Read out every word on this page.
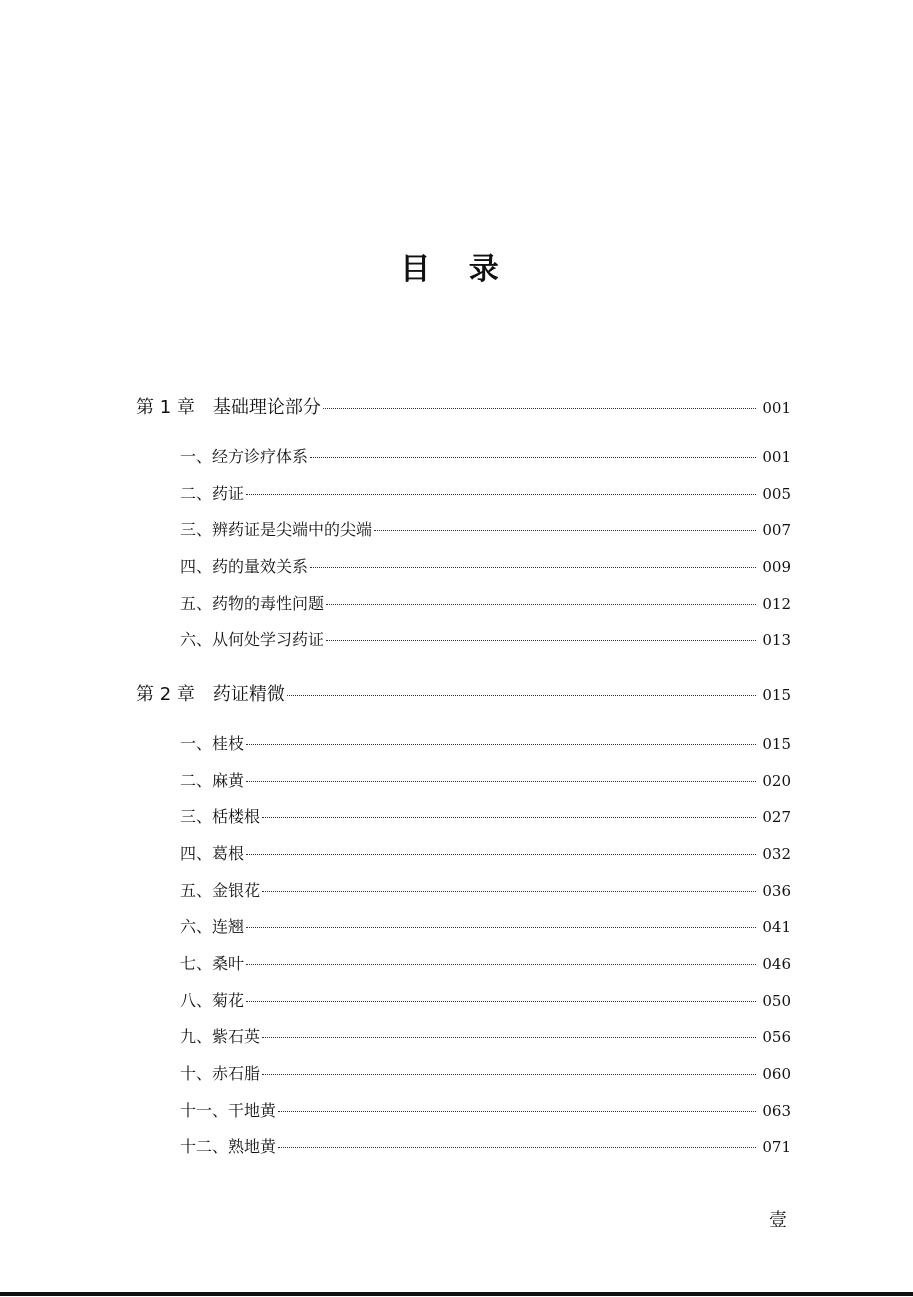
目 录
第 1 章 基础理论部分	001
一、经方诊疗体系	001
二、药证	005
三、辨药证是尖端中的尖端	007
四、药的量效关系	009
五、药物的毒性问题	012
六、从何处学习药证	013
第 2 章 药证精微	015
一、桂枝	015
二、麻黄	020
三、栝楼根	027
四、葛根	032
五、金银花	036
六、连翘	041
七、桑叶	046
八、菊花	050
九、紫石英	056
十、赤石脂	060
十一、干地黄	063
十二、熟地黄	071
壹
